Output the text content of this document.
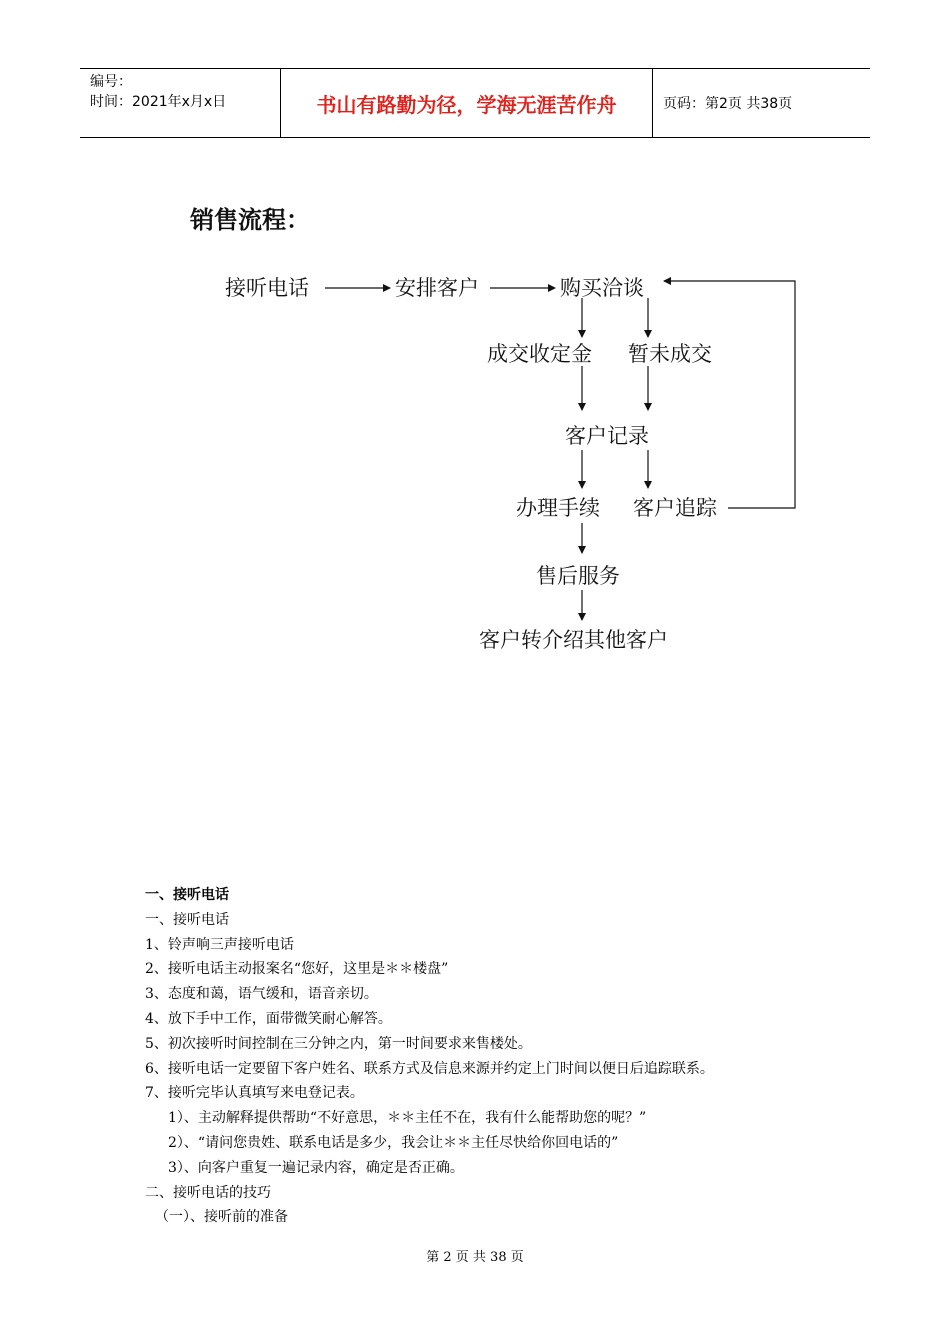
编号：
时间：2021年x月x日	书山有路勤为径，学海无涯苦作舟	页码：第2页 共38页
销售流程：
接听电话	安排客户	购买洽谈
成交收定金 暂未成交
客户记录
办理手续 客户追踪
售后服务
客户转介绍其他客户
一、接听电话
一、接听电话
1、铃声响三声接听电话
2、接听电话主动报案名“您好，这里是＊＊楼盘”
3、态度和蔼，语气缓和，语音亲切。
4、放下手中工作，面带微笑耐心解答。
5、初次接听时间控制在三分钟之内，第一时间要求来售楼处。
6、接听电话一定要留下客户姓名、联系方式及信息来源并约定上门时间以便日后追踪联系。
7、接听完毕认真填写来电登记表。
1）、主动解释提供帮助“不好意思，＊＊主任不在，我有什么能帮助您的呢？”
2）、“请问您贵姓、联系电话是多少，我会让＊＊主任尽快给你回电话的”
3）、向客户重复一遍记录内容，确定是否正确。
二、接听电话的技巧
（一）、接听前的准备
第 2 页 共 38 页
